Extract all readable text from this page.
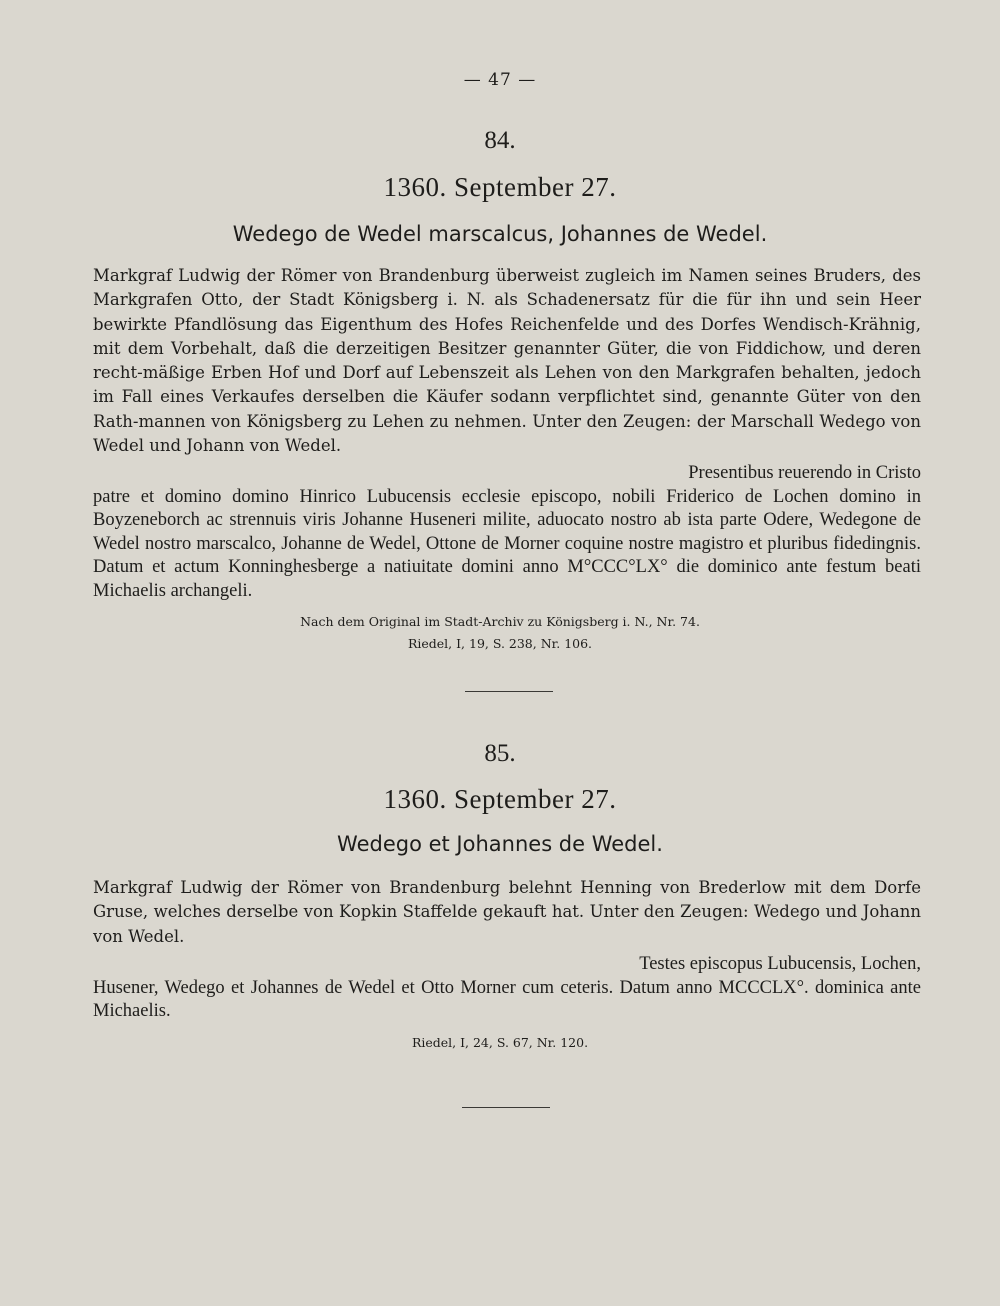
— 47 —
84.
1360. September 27.
Wedego de Wedel marscalcus, Johannes de Wedel.
Markgraf Ludwig der Römer von Brandenburg überweist zugleich im Namen seines Bruders, des Markgrafen Otto, der Stadt Königsberg i. N. als Schadenersatz für die für ihn und sein Heer bewirkte Pfandlösung das Eigenthum des Hofes Reichenfelde und des Dorfes Wendisch-Krähnig, mit dem Vorbehalt, daß die derzeitigen Besitzer genannter Güter, die von Fiddichow, und deren recht-mäßige Erben Hof und Dorf auf Lebenszeit als Lehen von den Markgrafen behalten, jedoch im Fall eines Verkaufes derselben die Käufer sodann verpflichtet sind, genannte Güter von den Rath-mannen von Königsberg zu Lehen zu nehmen. Unter den Zeugen: der Marschall Wedego von Wedel und Johann von Wedel.
Presentibus reuerendo in Cristo
patre et domino domino Hinrico Lubucensis ecclesie episcopo, nobili Friderico de Lochen domino in Boyzeneborch ac strennuis viris Johanne Huseneri milite, aduocato nostro ab ista parte Odere, Wedegone de Wedel nostro marscalco, Johanne de Wedel, Ottone de Morner coquine nostre magistro et pluribus fidedingnis. Datum et actum Konninghesberge a natiuitate domini anno M°CCC°LX° die dominico ante festum beati Michaelis archangeli.
Nach dem Original im Stadt-Archiv zu Königsberg i. N., Nr. 74.
Riedel, I, 19, S. 238, Nr. 106.
85.
1360. September 27.
Wedego et Johannes de Wedel.
Markgraf Ludwig der Römer von Brandenburg belehnt Henning von Brederlow mit dem Dorfe Gruse, welches derselbe von Kopkin Staffelde gekauft hat. Unter den Zeugen: Wedego und Johann von Wedel.
Testes episcopus Lubucensis, Lochen,
Husener, Wedego et Johannes de Wedel et Otto Morner cum ceteris. Datum anno MCCCLX°. dominica ante Michaelis.
Riedel, I, 24, S. 67, Nr. 120.
